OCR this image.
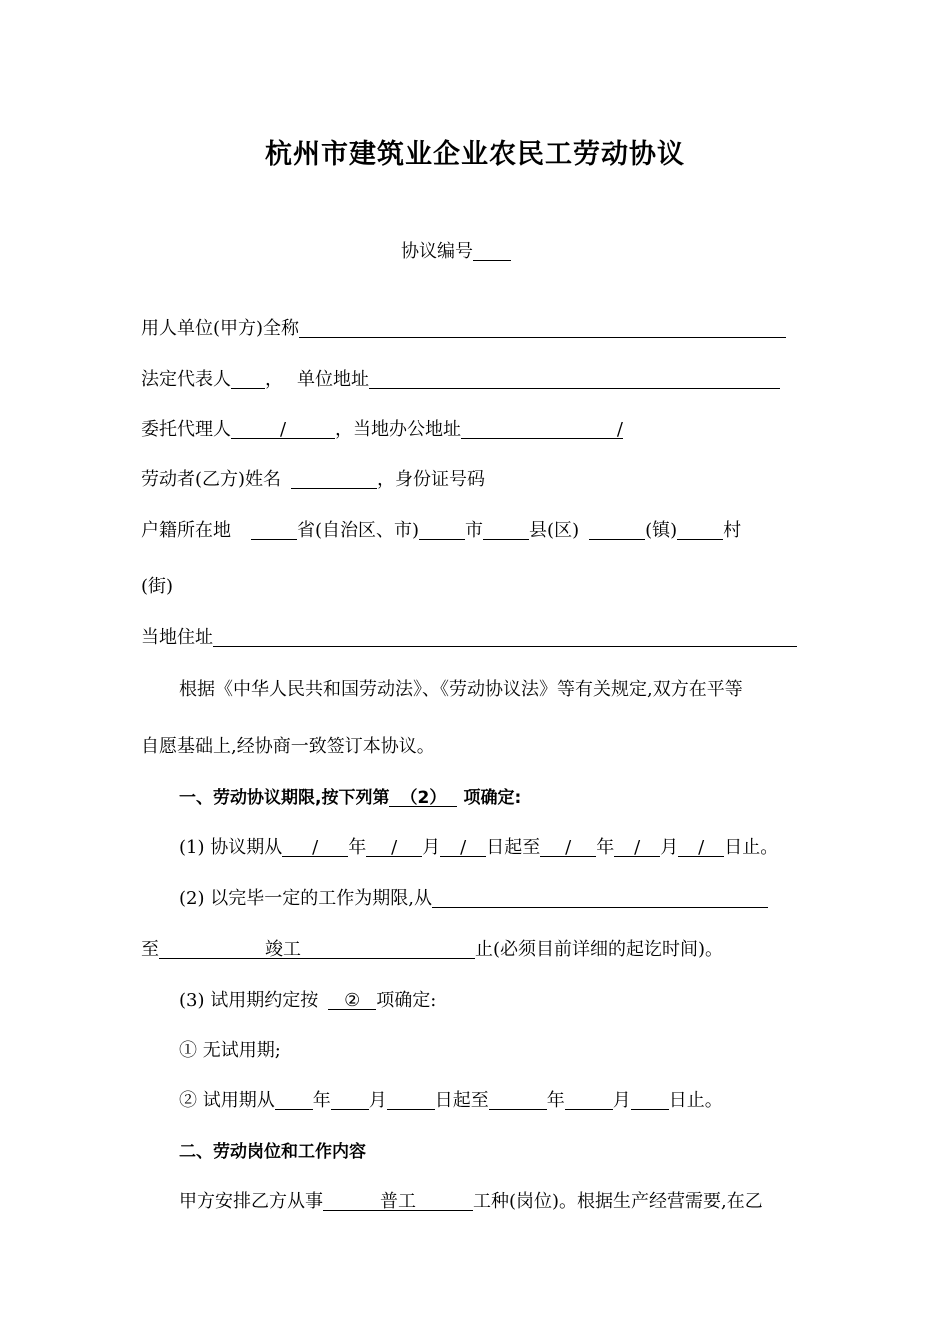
杭州市建筑业企业农民工劳动协议
协议编号
用人单位(甲方)全称
法定代表人 ， 单位地址
委托代理人	/	，当地办公地址	/
劳动者(乙方)姓名	，身份证号码
户籍所在地	省(自治区、市)	市	县(区)	(镇)	村
(街)
当地住址
根据《中华人民共和国劳动法》、《劳动协议法》等有关规定,双方在平等
自愿基础上,经协商一致签订本协议。
一、劳动协议期限,按下列第 （2） 项确定:
(1) 协议期从 / 年 / 月 / 日起至 / 年 / 月 / 日止。
(2) 以完毕一定的工作为期限,从
至	竣工	止(必须目前详细的起讫时间)。
(3) 试用期约定按 ② 项确定:
① 无试用期;
② 试用期从 年 月	日起至	年	月 日止。
二、劳动岗位和工作内容
甲方安排乙方从事	普工	工种(岗位)。根据生产经营需要,在乙
